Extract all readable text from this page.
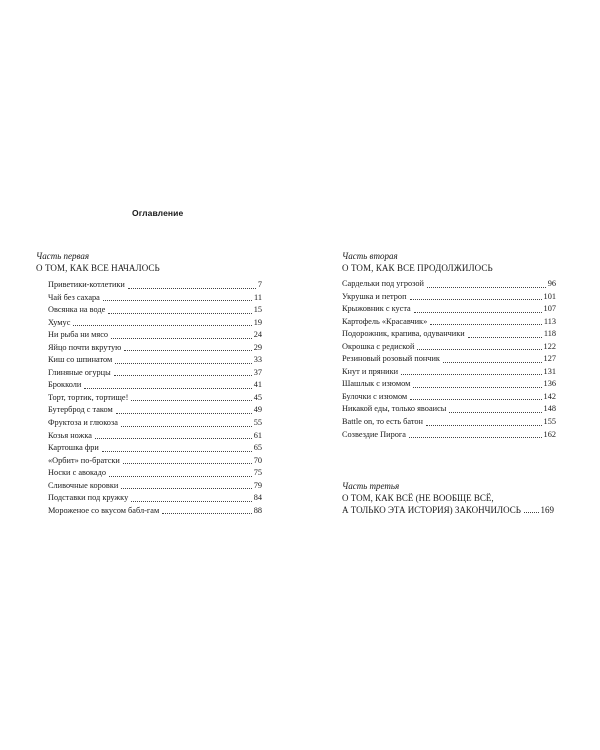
Оглавление
Часть первая
О ТОМ, КАК ВСЕ НАЧАЛОСЬ
Приветики-котлетики	7
Чай без сахара	11
Овсянка на воде	15
Хумус	19
Ни рыба ни мясо	24
Яйцо почти вкрутую	29
Киш со шпинатом	33
Глиняные огурцы	37
Брокколи	41
Торт, тортик, тортище!	45
Бутерброд с таком	49
Фруктоза и глюкоза	55
Козья ножка	61
Картошка фри	65
«Орбит» по-братски	70
Носки с авокадо	75
Сливочные коровки	79
Подставки под кружку	84
Мороженое со вкусом бабл-гам	88
Часть вторая
О ТОМ, КАК ВСЕ ПРОДОЛЖИЛОСЬ
Сардельки под угрозой	96
Укрушка и петроп	101
Крыжовник с куста	107
Картофель «Красавчик»	113
Подорожник, крапива, одуванчики	118
Окрошка с редиской	122
Резиновый розовый пончик	127
Кнут и пряники	131
Шашлык с изюмом	136
Булочки с изюмом	142
Никакой еды, только явоаисы	148
Battle on, то есть батон	155
Созвездие Пирога	162
Часть третья
О ТОМ, КАК ВСЁ (НЕ ВООБЩЕ ВСЁ,
А ТОЛЬКО ЭТА ИСТОРИЯ) ЗАКОНЧИЛОСЬ 169
